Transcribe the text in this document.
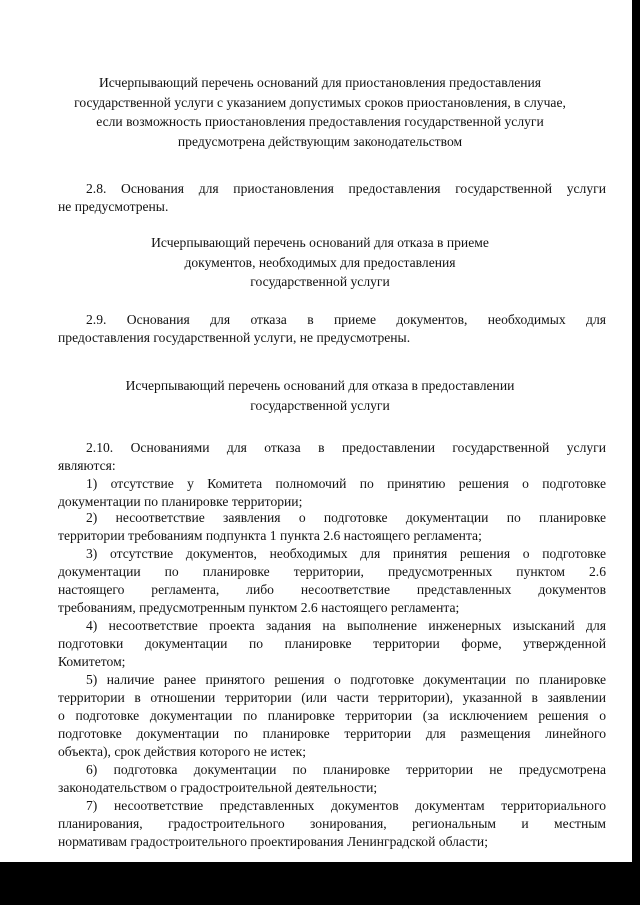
Исчерпывающий перечень оснований для приостановления предоставления
государственной услуги с указанием допустимых сроков приостановления, в случае,
если возможность приостановления предоставления государственной услуги
предусмотрена действующим законодательством
2.8. Основания для приостановления предоставления государственной услуги
не предусмотрены.
Исчерпывающий перечень оснований для отказа в приеме
документов, необходимых для предоставления
государственной услуги
2.9. Основания для отказа в приеме документов, необходимых для
предоставления государственной услуги, не предусмотрены.
Исчерпывающий перечень оснований для отказа в предоставлении
государственной услуги
2.10. Основаниями для отказа в предоставлении государственной услуги
являются:
1) отсутствие у Комитета полномочий по принятию решения о подготовке
документации по планировке территории;
2) несоответствие заявления о подготовке документации по планировке
территории требованиям подпункта 1 пункта 2.6 настоящего регламента;
3) отсутствие документов, необходимых для принятия решения о подготовке
документации по планировке территории, предусмотренных пунктом 2.6
настоящего регламента, либо несоответствие представленных документов
требованиям, предусмотренным пунктом 2.6 настоящего регламента;
4) несоответствие проекта задания на выполнение инженерных изысканий для
подготовки документации по планировке территории форме, утвержденной
Комитетом;
5) наличие ранее принятого решения о подготовке документации по планировке
территории в отношении территории (или части территории), указанной в заявлении
о подготовке документации по планировке территории (за исключением решения о
подготовке документации по планировке территории для размещения линейного
объекта), срок действия которого не истек;
6) подготовка документации по планировке территории не предусмотрена
законодательством о градостроительной деятельности;
7) несоответствие представленных документов документам территориального
планирования, градостроительного зонирования, региональным и местным
нормативам градостроительного проектирования Ленинградской области;
